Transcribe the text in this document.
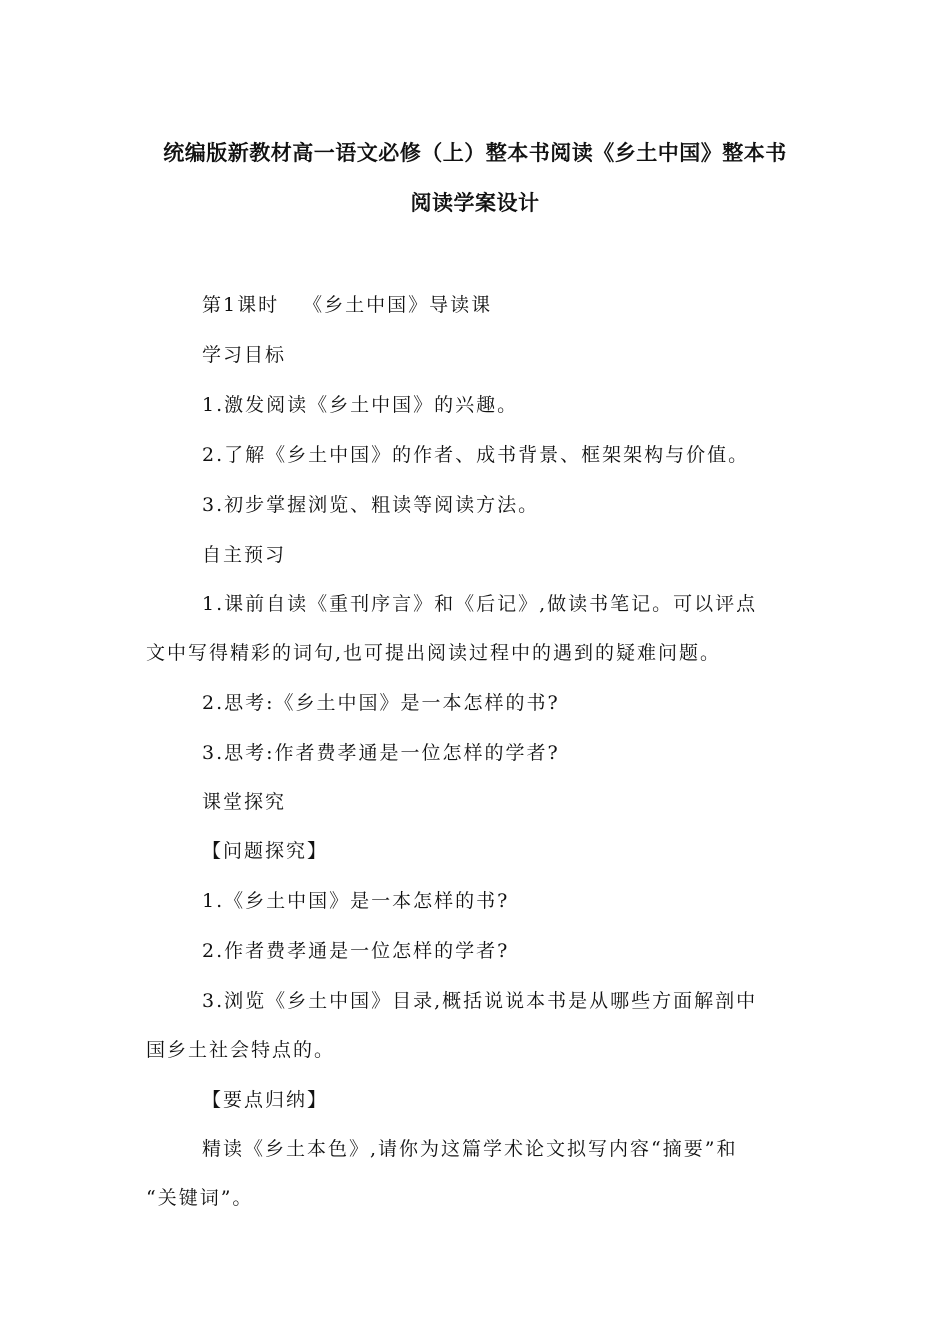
统编版新教材高一语文必修（上）整本书阅读《乡土中国》整本书
阅读学案设计
第1课时 《乡土中国》导读课
学习目标
1.激发阅读《乡土中国》的兴趣。
2.了解《乡土中国》的作者、成书背景、框架架构与价值。
3.初步掌握浏览、粗读等阅读方法。
自主预习
1.课前自读《重刊序言》和《后记》,做读书笔记。可以评点
文中写得精彩的词句,也可提出阅读过程中的遇到的疑难问题。
2.思考:《乡土中国》是一本怎样的书?
3.思考:作者费孝通是一位怎样的学者?
课堂探究
【问题探究】
1.《乡土中国》是一本怎样的书?
2.作者费孝通是一位怎样的学者?
3.浏览《乡土中国》目录,概括说说本书是从哪些方面解剖中
国乡土社会特点的。
【要点归纳】
精读《乡土本色》,请你为这篇学术论文拟写内容“摘要”和
“关键词”。
